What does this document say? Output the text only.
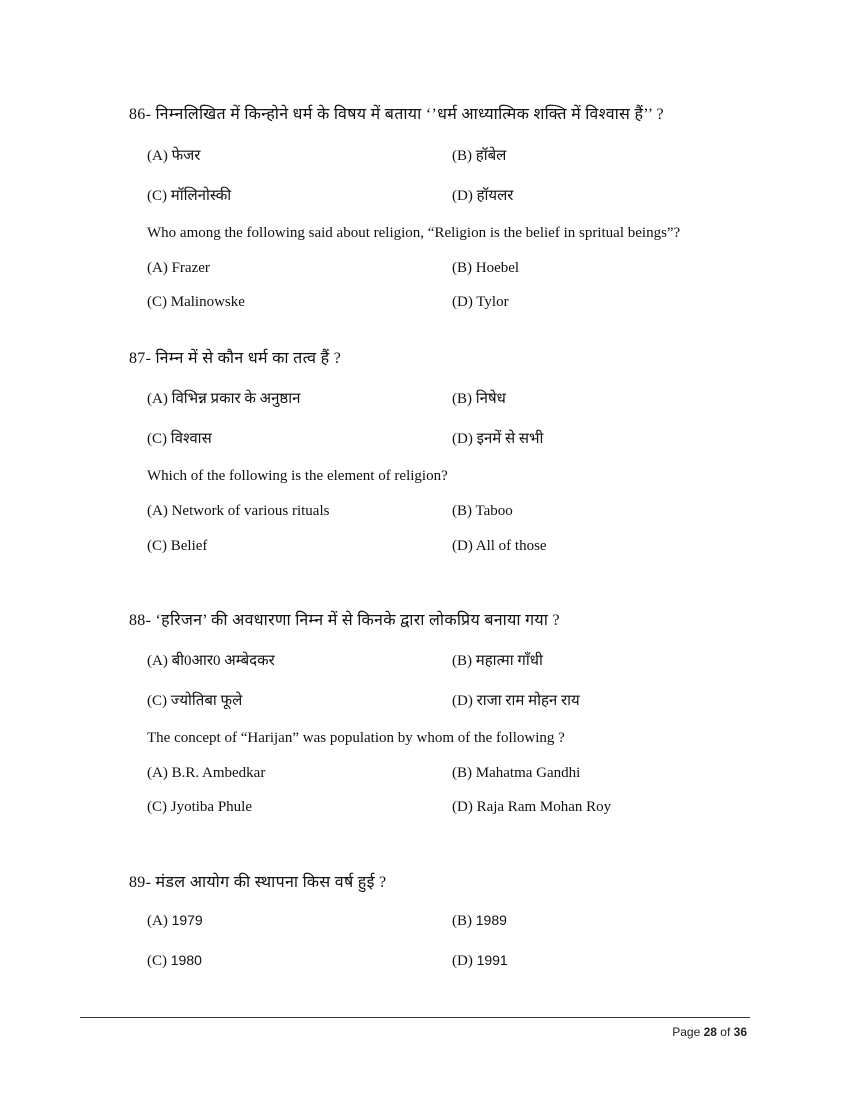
86- निम्नलिखित में किन्होने धर्म के विषय में बताया ‘’धर्म आध्यात्मिक शक्ति में विश्वास हैं’’ ?
(A) फेजर	(B) हॉबेल
(C) मॉलिनोस्की	(D) हॉयलर
Who among the following said about religion, “Religion is the belief in spritual beings”?
(A) Frazer	(B) Hoebel
(C) Malinowske	(D) Tylor
87- निम्न में से कौन धर्म का तत्व हैं ?
(A) विभिन्न प्रकार के अनुष्ठान	(B) निषेध
(C) विश्वास	(D) इनमें से सभी
Which of the following is the element of religion?
(A) Network of various rituals	(B) Taboo
(C) Belief	(D) All of those
88- ‘हरिजन’ की अवधारणा निम्न में से किनके द्वारा लोकप्रिय बनाया गया ?
(A) बी0आर0 अम्बेदकर	(B) महात्मा गॉंधी
(C) ज्योतिबा फूले	(D) राजा राम मोहन राय
The concept of “Harijan” was population by whom of the following ?
(A) B.R. Ambedkar	(B) Mahatma Gandhi
(C) Jyotiba Phule	(D) Raja Ram Mohan Roy
89- मंडल आयोग की स्थापना किस वर्ष हुई ?
(A) 1979	(B) 1989
(C) 1980	(D) 1991
Page 28 of 36
